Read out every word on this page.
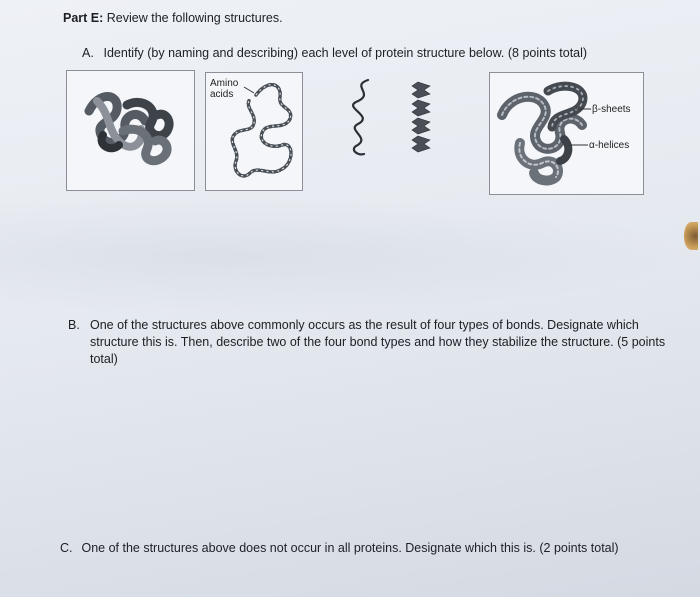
Part E: Review the following structures.
A. Identify (by naming and describing) each level of protein structure below. (8 points total)
Amino
acids
β-sheets
α-helices
B. One of the structures above commonly occurs as the result of four types of bonds. Designate which structure this is. Then, describe two of the four bond types and how they stabilize the structure. (5 points total)
C. One of the structures above does not occur in all proteins. Designate which this is. (2 points total)
